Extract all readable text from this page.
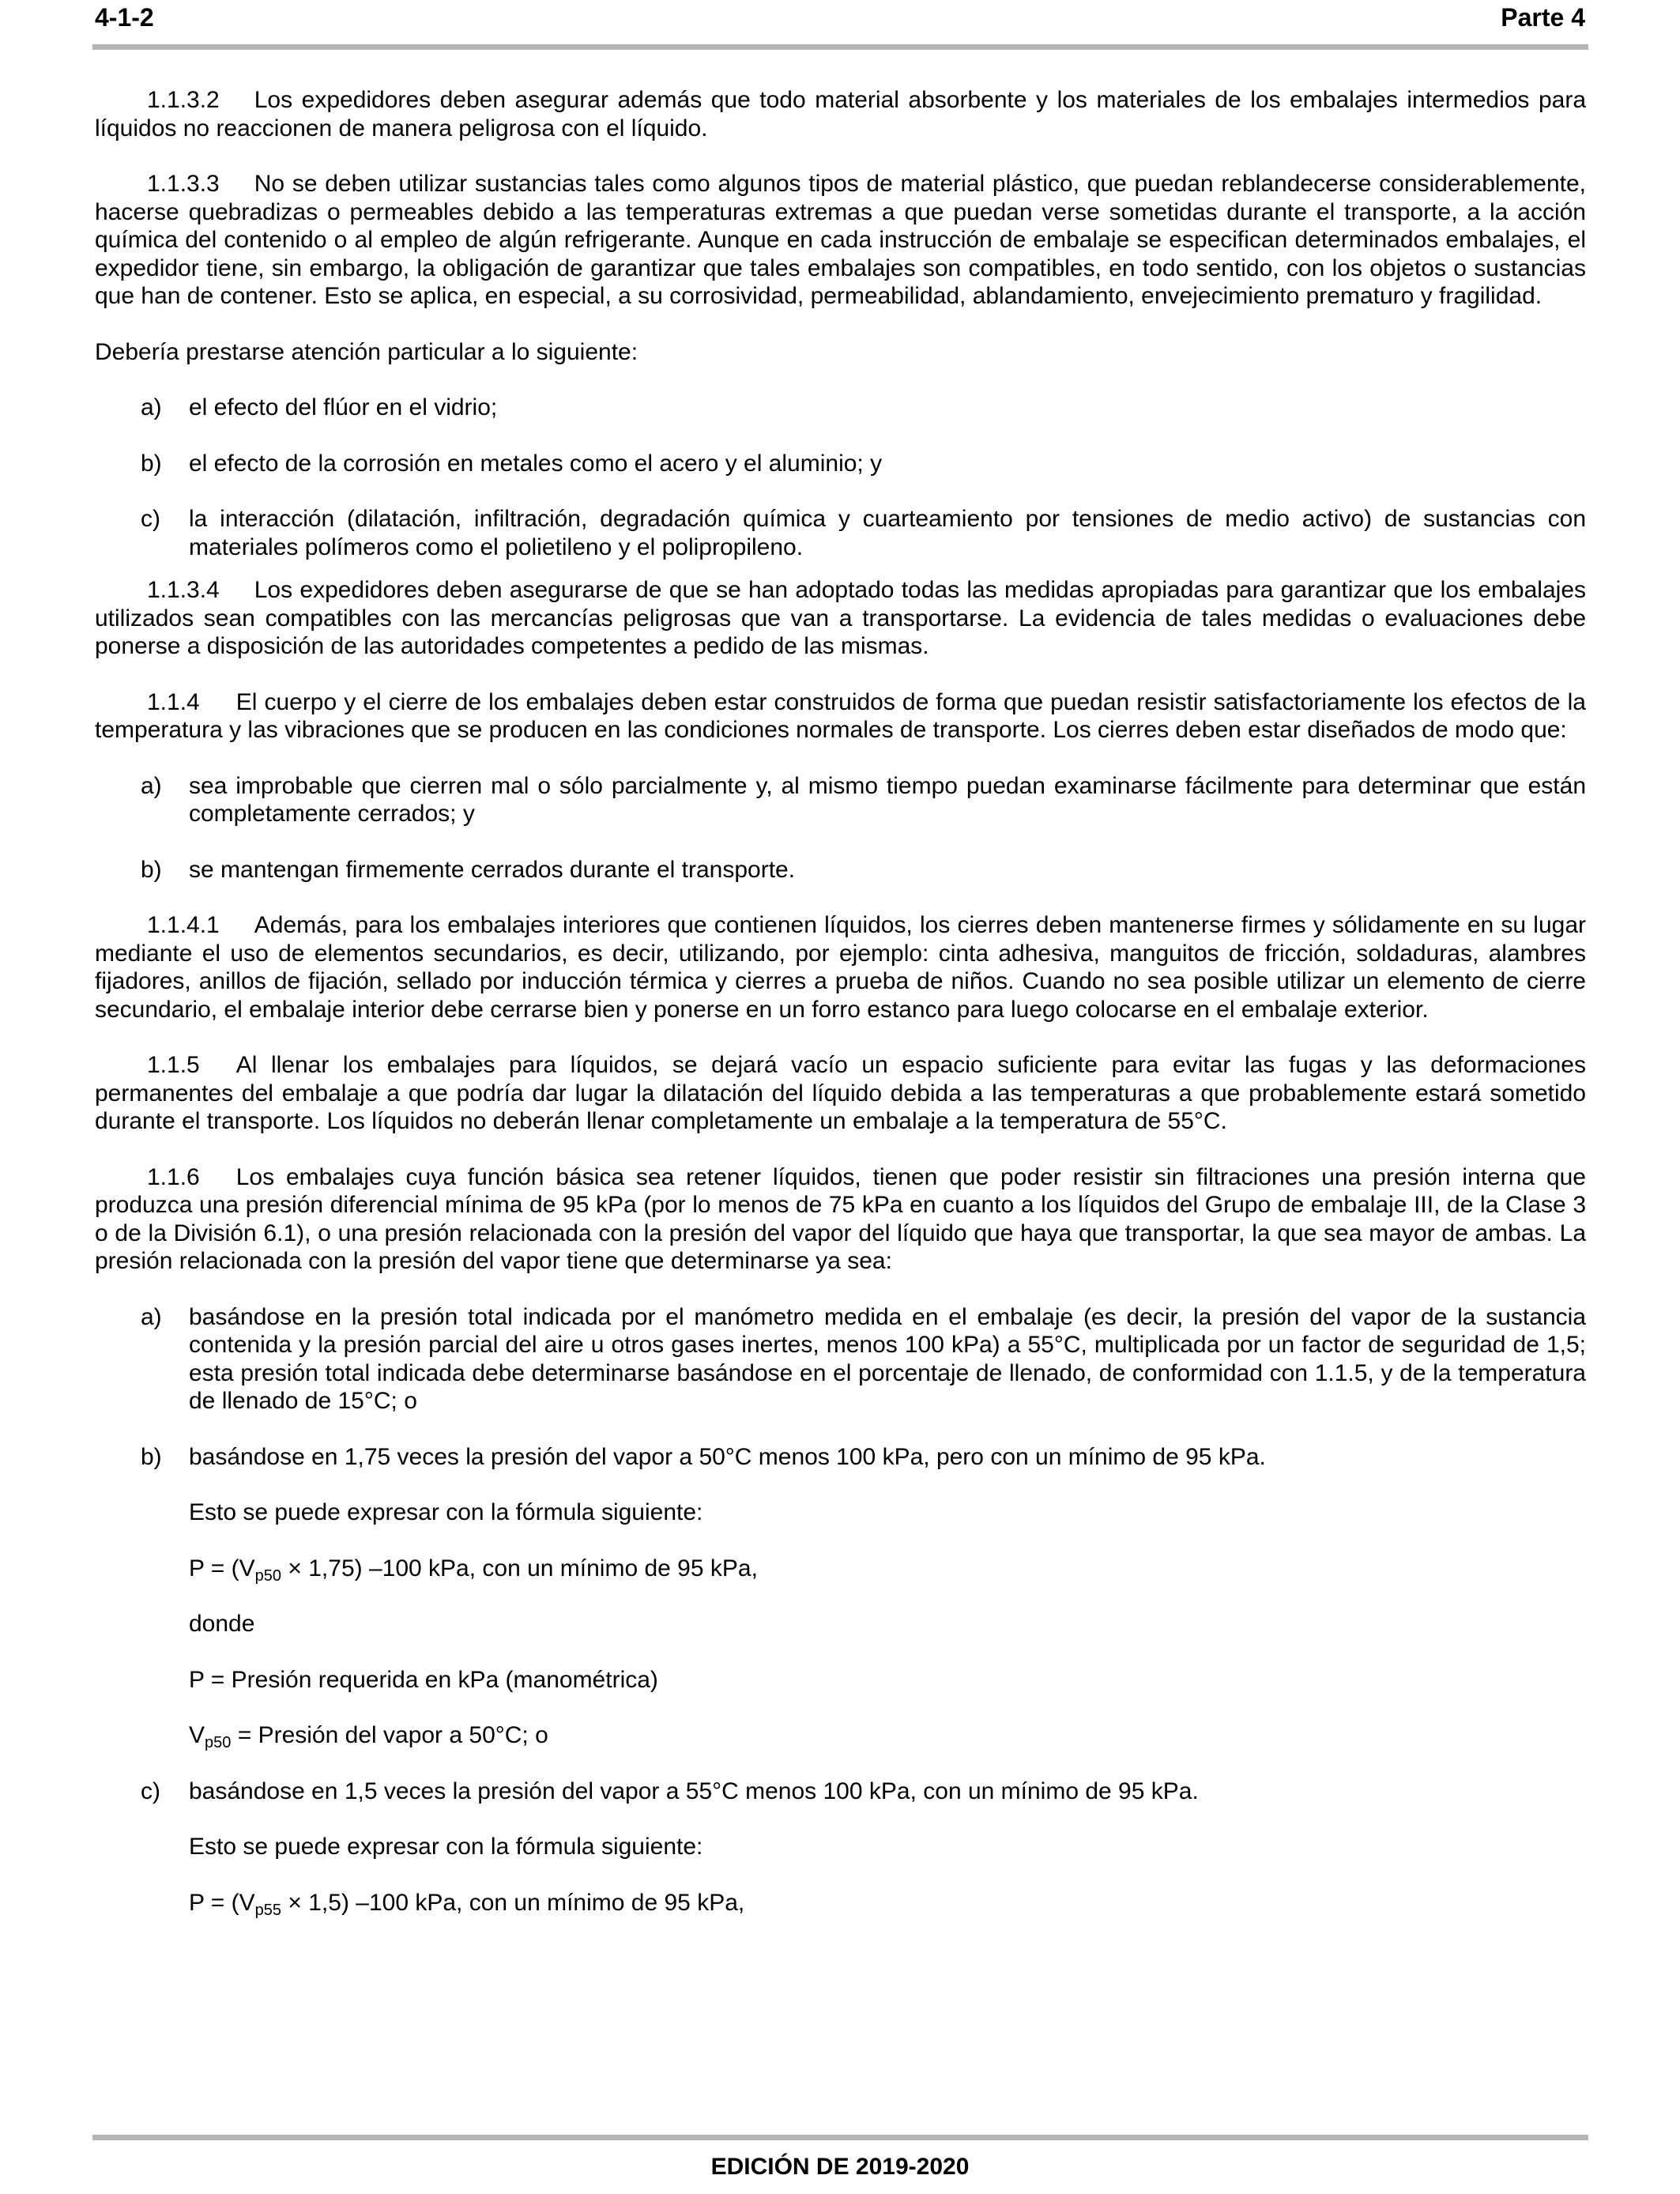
4-1-2	Parte 4

1.1.3.2 Los expedidores deben asegurar además que todo material absorbente y los materiales de los embalajes intermedios para líquidos no reaccionen de manera peligrosa con el líquido.

1.1.3.3 No se deben utilizar sustancias tales como algunos tipos de material plástico, que puedan reblandecerse considerablemente, hacerse quebradizas o permeables debido a las temperaturas extremas a que puedan verse sometidas durante el transporte, a la acción química del contenido o al empleo de algún refrigerante. Aunque en cada instrucción de embalaje se especifican determinados embalajes, el expedidor tiene, sin embargo, la obligación de garantizar que tales embalajes son compatibles, en todo sentido, con los objetos o sustancias que han de contener. Esto se aplica, en especial, a su corrosividad, permeabilidad, ablandamiento, envejecimiento prematuro y fragilidad.

Debería prestarse atención particular a lo siguiente:

a) el efecto del flúor en el vidrio;
b) el efecto de la corrosión en metales como el acero y el aluminio; y
c) la interacción (dilatación, infiltración, degradación química y cuarteamiento por tensiones de medio activo) de sustancias con materiales polímeros como el polietileno y el polipropileno.

1.1.3.4 Los expedidores deben asegurarse de que se han adoptado todas las medidas apropiadas para garantizar que los embalajes utilizados sean compatibles con las mercancías peligrosas que van a transportarse. La evidencia de tales medidas o evaluaciones debe ponerse a disposición de las autoridades competentes a pedido de las mismas.

1.1.4 El cuerpo y el cierre de los embalajes deben estar construidos de forma que puedan resistir satisfactoriamente los efectos de la temperatura y las vibraciones que se producen en las condiciones normales de transporte. Los cierres deben estar diseñados de modo que:

a) sea improbable que cierren mal o sólo parcialmente y, al mismo tiempo puedan examinarse fácilmente para determinar que están completamente cerrados; y
b) se mantengan firmemente cerrados durante el transporte.

1.1.4.1 Además, para los embalajes interiores que contienen líquidos, los cierres deben mantenerse firmes y sólidamente en su lugar mediante el uso de elementos secundarios, es decir, utilizando, por ejemplo: cinta adhesiva, manguitos de fricción, soldaduras, alambres fijadores, anillos de fijación, sellado por inducción térmica y cierres a prueba de niños. Cuando no sea posible utilizar un elemento de cierre secundario, el embalaje interior debe cerrarse bien y ponerse en un forro estanco para luego colocarse en el embalaje exterior.

1.1.5 Al llenar los embalajes para líquidos, se dejará vacío un espacio suficiente para evitar las fugas y las deformaciones permanentes del embalaje a que podría dar lugar la dilatación del líquido debida a las temperaturas a que probablemente estará sometido durante el transporte. Los líquidos no deberán llenar completamente un embalaje a la temperatura de 55°C.

1.1.6 Los embalajes cuya función básica sea retener líquidos, tienen que poder resistir sin filtraciones una presión interna que produzca una presión diferencial mínima de 95 kPa (por lo menos de 75 kPa en cuanto a los líquidos del Grupo de embalaje III, de la Clase 3 o de la División 6.1), o una presión relacionada con la presión del vapor del líquido que haya que transportar, la que sea mayor de ambas. La presión relacionada con la presión del vapor tiene que determinarse ya sea:

a) basándose en la presión total indicada por el manómetro medida en el embalaje (es decir, la presión del vapor de la sustancia contenida y la presión parcial del aire u otros gases inertes, menos 100 kPa) a 55°C, multiplicada por un factor de seguridad de 1,5; esta presión total indicada debe determinarse basándose en el porcentaje de llenado, de conformidad con 1.1.5, y de la temperatura de llenado de 15°C; o
b) basándose en 1,75 veces la presión del vapor a 50°C menos 100 kPa, pero con un mínimo de 95 kPa.

Esto se puede expresar con la fórmula siguiente:

$P = (V_{p50} \times 1,75)$ –100 kPa, con un mínimo de 95 kPa,

donde

P = Presión requerida en kPa (manométrica)

$V_{p50}$ = Presión del vapor a 50°C; o

c) basándose en 1,5 veces la presión del vapor a 55°C menos 100 kPa, con un mínimo de 95 kPa.

Esto se puede expresar con la fórmula siguiente:

$P = (V_{p55} \times 1,5)$ –100 kPa, con un mínimo de 95 kPa,

EDICIÓN DE 2019-2020
